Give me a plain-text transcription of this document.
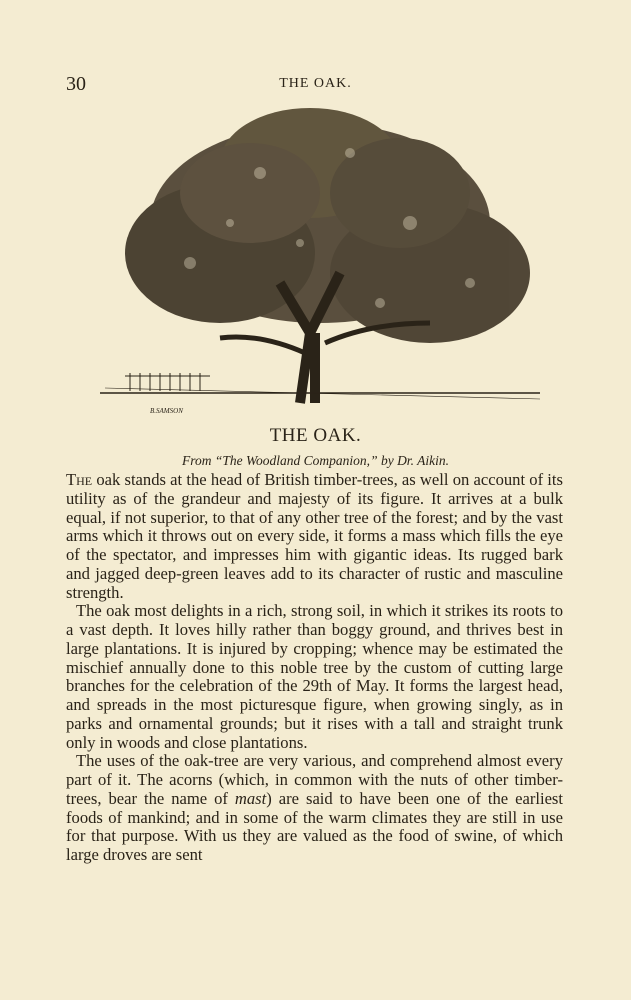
30	THE OAK.
B.SAMSON
THE OAK.
From “The Woodland Companion,” by Dr. Aikin.

The oak stands at the head of British timber-trees, as well on account of its utility as of the grandeur and majesty of its figure. It arrives at a bulk equal, if not superior, to that of any other tree of the forest; and by the vast arms which it throws out on every side, it forms a mass which fills the eye of the spectator, and impresses him with gigantic ideas. Its rugged bark and jagged deep-green leaves add to its character of rustic and masculine strength.

The oak most delights in a rich, strong soil, in which it strikes its roots to a vast depth. It loves hilly rather than boggy ground, and thrives best in large plantations. It is injured by cropping; whence may be estimated the mischief annually done to this noble tree by the custom of cutting large branches for the celebration of the 29th of May. It forms the largest head, and spreads in the most picturesque figure, when growing singly, as in parks and ornamental grounds; but it rises with a tall and straight trunk only in woods and close plantations.

The uses of the oak-tree are very various, and comprehend almost every part of it. The acorns (which, in common with the nuts of other timber-trees, bear the name of mast) are said to have been one of the earliest foods of mankind; and in some of the warm climates they are still in use for that purpose. With us they are valued as the food of swine, of which large droves are sent
